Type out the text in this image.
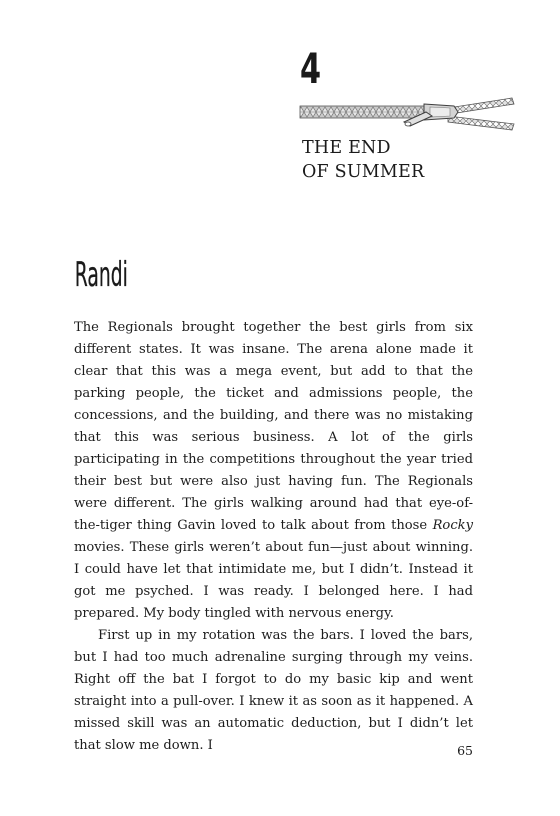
4
THE END
OF SUMMER
Randi

The Regionals brought together the best girls from six different states. It was insane. The arena alone made it clear that this was a mega event, but add to that the parking people, the ticket and admissions people, the concessions, and the building, and there was no mistaking that this was serious business. A lot of the girls participating in the competitions throughout the year tried their best but were also just having fun. The Regionals were different. The girls walking around had that eye-of-the-tiger thing Gavin loved to talk about from those Rocky movies. These girls weren’t about fun—just about winning. I could have let that intimidate me, but I didn’t. Instead it got me psyched. I was ready. I belonged here. I had prepared. My body tingled with nervous energy.

First up in my rotation was the bars. I loved the bars, but I had too much adrenaline surging through my veins. Right off the bat I forgot to do my basic kip and went straight into a pull-over. I knew it as soon as it happened. A missed skill was an automatic deduction, but I didn’t let that slow me down. I	65
